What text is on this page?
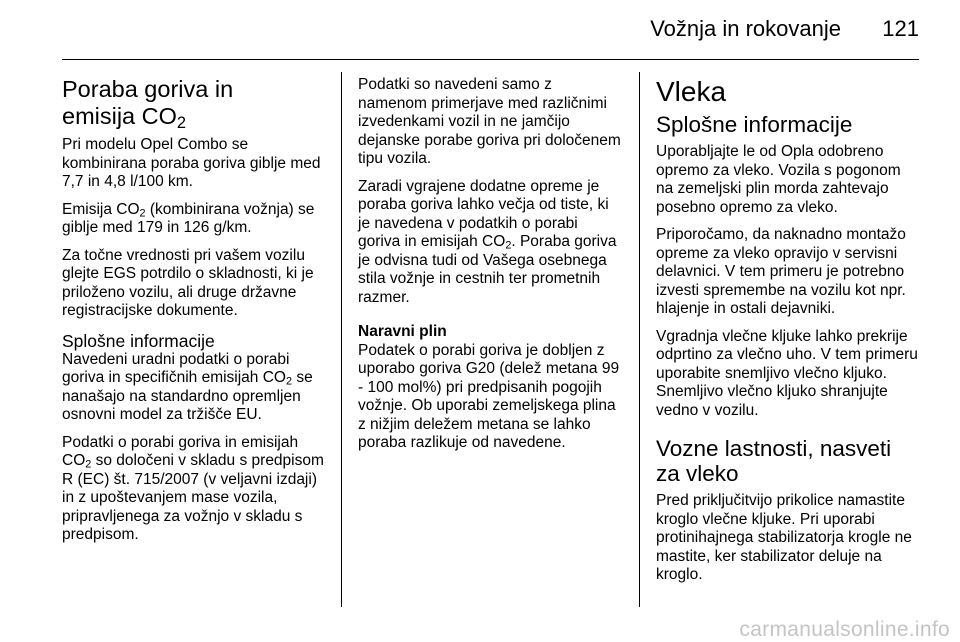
Vožnja in rokovanje 121
Poraba goriva in
emisija $CO_2$

Pri modelu Opel Combo se kombinirana poraba goriva giblje med 7,7 in 4,8 l/100 km.

Emisija $CO_2$ (kombinirana vožnja) se giblje med 179 in 126 g/km.

Za točne vrednosti pri vašem vozilu glejte EGS potrdilo o skladnosti, ki je priloženo vozilu, ali druge državne registracijske dokumente.

Splošne informacije

Navedeni uradni podatki o porabi goriva in specifičnih emisijah $CO_2$ se nanašajo na standardno opremljen osnovni model za tržišče EU.

Podatki o porabi goriva in emisijah $CO_2$ so določeni v skladu s predpisom R (EC) št. 715/2007 (v veljavni izdaji) in z upoštevanjem mase vozila, pripravljenega za vožnjo v skladu s predpisom.

Podatki so navedeni samo z namenom primerjave med različnimi izvedenkami vozil in ne jamčijo dejanske porabe goriva pri določenem tipu vozila.

Zaradi vgrajene dodatne opreme je poraba goriva lahko večja od tiste, ki je navedena v podatkih o porabi goriva in emisijah $CO_2$. Poraba goriva je odvisna tudi od Vašega osebnega stila vožnje in cestnih ter prometnih razmer.

Naravni plin

Podatek o porabi goriva je dobljen z uporabo goriva G20 (delež metana 99 - 100 mol%) pri predpisanih pogojih vožnje. Ob uporabi zemeljskega plina z nižjim deležem metana se lahko poraba razlikuje od navedene.

Vleka
Splošne informacije

Uporabljajte le od Opla odobreno opremo za vleko. Vozila s pogonom na zemeljski plin morda zahtevajo posebno opremo za vleko.

Priporočamo, da naknadno montažo opreme za vleko opravijo v servisni delavnici. V tem primeru je potrebno izvesti spremembe na vozilu kot npr. hlajenje in ostali dejavniki.

Vgradnja vlečne kljuke lahko prekrije odprtino za vlečno uho. V tem primeru uporabite snemljivo vlečno kljuko. Snemljivo vlečno kljuko shranjujte vedno v vozilu.

Vozne lastnosti, nasveti za vleko

Pred priključitvijo prikolice namastite kroglo vlečne kljuke. Pri uporabi protinihajnega stabilizatorja krogle ne mastite, ker stabilizator deluje na kroglo.

carmanualsonline.info
